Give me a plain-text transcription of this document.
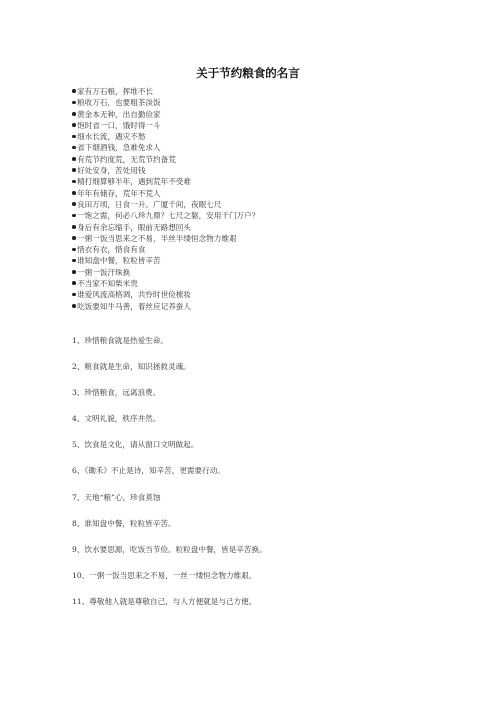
关于节约粮食的名言
家有万石粮，挥堆不长
粮收万石，也要粗茶淡饭
黄金本无种，出自勤俭家
饱时省一口，饿时得一斗
细水长流，遇灾不愁
省下烟酒钱，急难免求人
有荒节约度荒，无荒节约备荒
好处安身，苦处用钱
精打细算够半年，遇到荒年不受难
年年有储存，荒年不荒人
良田万顷，日食一升。广厦千间，夜眠七尺
一饱之需，何必八珍九鼎？七尺之躯，安用千门万户？
身后有余忘缩手，眼前无路想回头
一粥一饭当思来之不易，半丝半缕恒念物力维艰
惜衣有衣，惜食有食
谁知盘中餐，粒粒皆辛苦
一粥一饭汗珠换
不当家不知柴米贵
谁爱风流高格调，共怜时世俭梳妆
吃饭要知牛马善，着丝应记养蚕人
1、珍惜粮食就是热爱生命。
2、粮食就是生命，知识拯救灵魂。
3、珍惜粮食，远离浪费。
4、文明礼貌，秩序井然。
5、饮食是文化，请从窗口文明做起。
6、《锄禾》不止是诗，知辛苦，更需要行动。
7、天地“粮”心，珍食莫蚀
8、谁知盘中餐，粒粒皆辛苦。
9、饮水要思源，吃饭当节俭。粒粒盘中餐，皆是辛苦换。
10、一粥一饭当思来之不易，一丝一缕恒念物力维艰。
11、尊敬他人就是尊敬自己，与人方便就是与己方便。
